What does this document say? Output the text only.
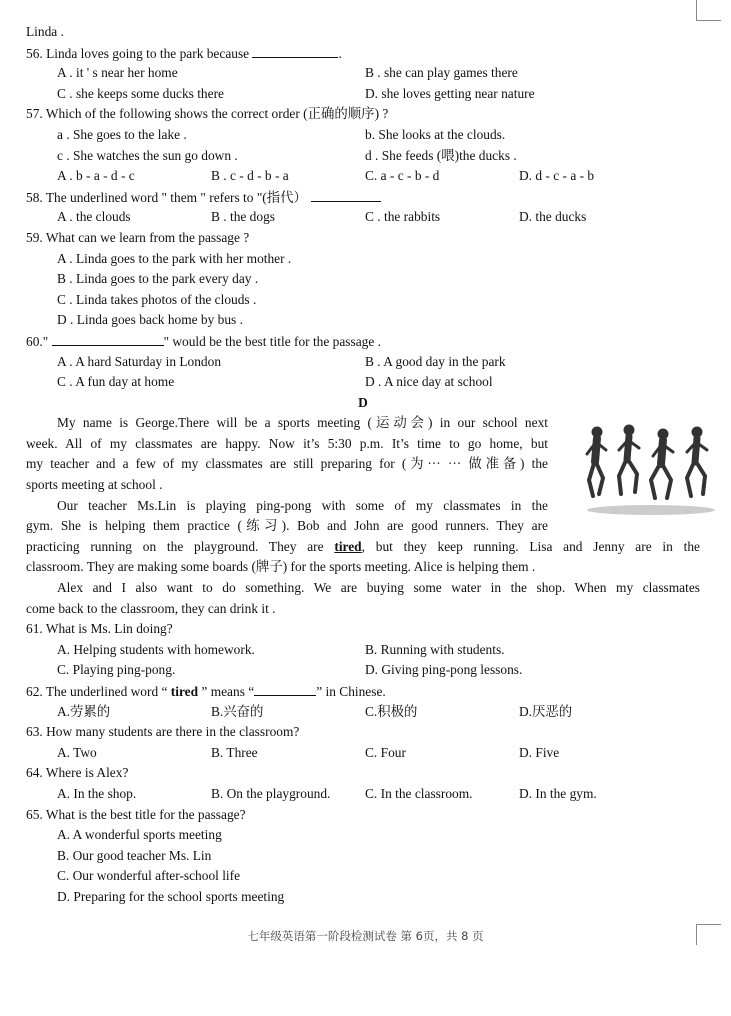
Linda .
56. Linda loves going to the park because	.
A . it ' s near her home	B . she can play games there
C . she keeps some ducks there	D. she loves getting near nature
57. Which of the following shows the correct order (正确的顺序) ?
a . She goes to the lake .	b. She looks at the clouds.
c . She watches the sun go down .	d . She feeds (喂)the ducks .
A . b - a - d - c	B . c - d - b - a	C. a - c - b - d	D. d - c - a - b
58. The underlined word " them " refers to "(指代）
A . the clouds	B . the dogs	C . the rabbits	D. the ducks
59. What can we learn from the passage ?
A . Linda goes to the park with her mother .
B . Linda goes to the park every day .
C . Linda takes photos of the clouds .
D . Linda goes back home by bus .
60."	" would be the best title for the passage .
A . A hard Saturday in London	B . A good day in the park
C . A fun day at home	D . A nice day at school
D
My name is George.There will be a sports meeting (运动会) in our school next
week. All of my classmates are happy. Now it’s 5:30 p.m. It’s time to go home, but
my teacher and a few of my classmates are still preparing for (为··· ··· 做准备) the
sports meeting at school .
Our teacher Ms.Lin is playing ping-pong with some of my classmates in the
gym. She is helping them practice (练习). Bob and John are good runners. They are
practicing running on the playground. They are tired, but they keep running. Lisa and Jenny are in the
classroom. They are making some boards (牌子) for the sports meeting. Alice is helping them .
Alex and I also want to do something. We are buying some water in the shop. When my classmates
come back to the classroom, they can drink it .
61. What is Ms. Lin doing?
A. Helping students with homework.	B. Running with students.
C. Playing ping-pong.	D. Giving ping-pong lessons.
62. The underlined word “ tired ” means “	” in Chinese.
A.劳累的	B.兴奋的	C.积极的	D.厌恶的
63. How many students are there in the classroom?
A. Two	B. Three	C. Four	D. Five
64. Where is Alex?
A. In the shop.	B. On the playground.	C. In the classroom.	D. In the gym.
65. What is the best title for the passage?
A. A wonderful sports meeting
B. Our good teacher Ms. Lin
C. Our wonderful after-school life
D. Preparing for the school sports meeting
七年级英语第一阶段检测试卷 第 6页，共 8 页
